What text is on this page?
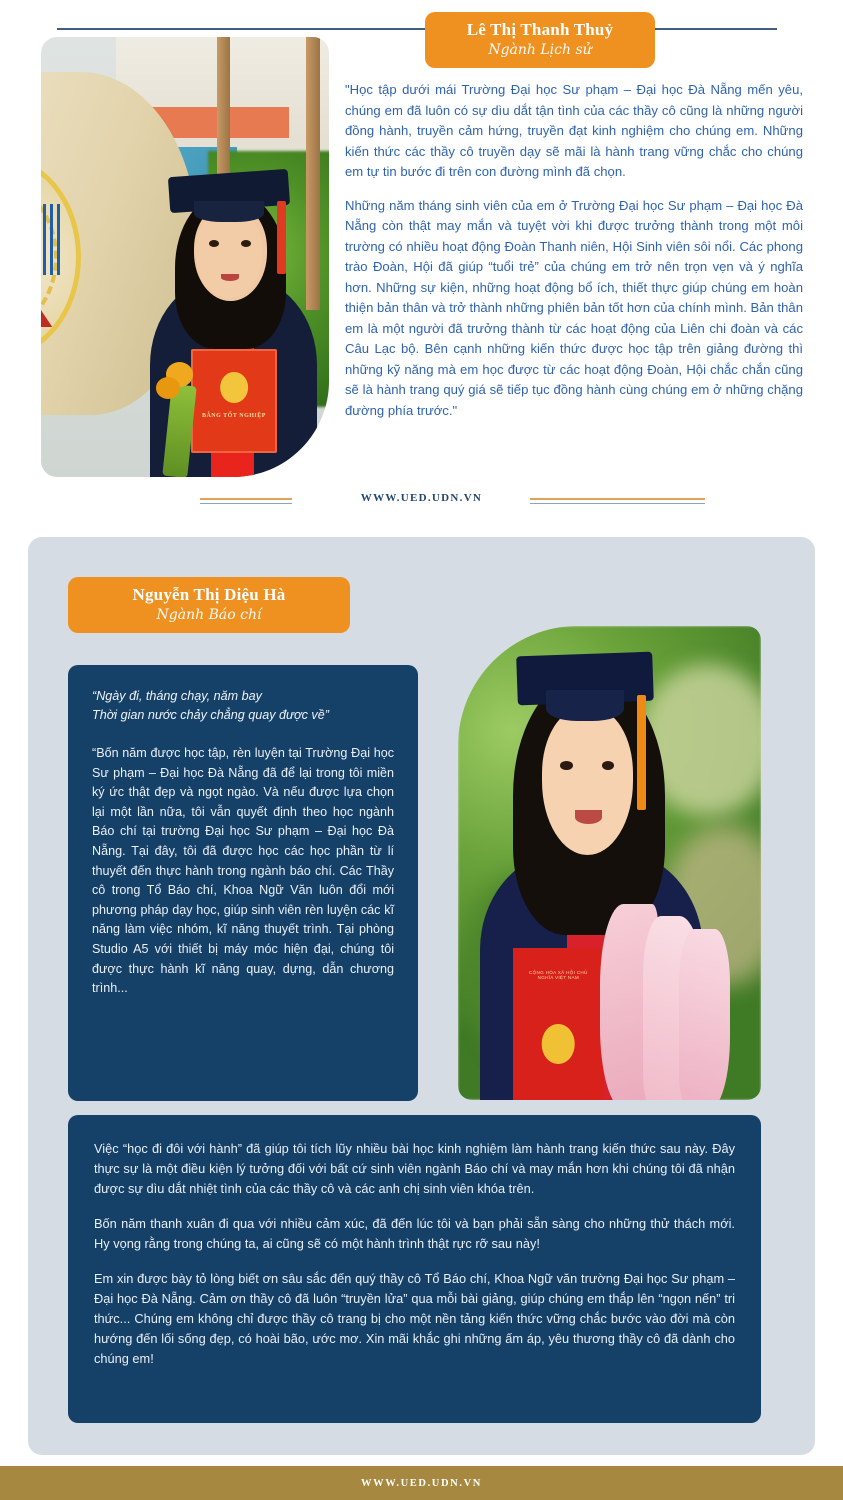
BẰNG TỐT NGHIỆP
Lê Thị Thanh Thuỷ
Ngành Lịch sử

"Học tập dưới mái Trường Đại học Sư phạm – Đại học Đà Nẵng mến yêu, chúng em đã luôn có sự dìu dắt tận tình của các thầy cô cũng là những người đồng hành, truyền cảm hứng, truyền đạt kinh nghiệm cho chúng em. Những kiến thức các thầy cô truyền dạy sẽ mãi là hành trang vững chắc cho chúng em tự tin bước đi trên con đường mình đã chọn.

Những năm tháng sinh viên của em ở Trường Đại học Sư phạm – Đại học Đà Nẵng còn thật may mắn và tuyệt vời khi được trưởng thành trong một môi trường có nhiều hoạt động Đoàn Thanh niên, Hội Sinh viên sôi nổi. Các phong trào Đoàn, Hội đã giúp “tuổi trẻ” của chúng em trở nên trọn vẹn và ý nghĩa hơn. Những sự kiện, những hoạt động bổ ích, thiết thực giúp chúng em hoàn thiện bản thân và trở thành những phiên bản tốt hơn của chính mình. Bản thân em là một người đã trưởng thành từ các hoạt động của Liên chi đoàn và các Câu Lạc bộ. Bên cạnh những kiến thức được học tập trên giảng đường thì những kỹ năng mà em học được từ các hoạt động Đoàn, Hội chắc chắn cũng sẽ là hành trang quý giá sẽ tiếp tục đồng hành cùng chúng em ở những chặng đường phía trước."

WWW.UED.UDN.VN
Nguyễn Thị Diệu Hà
Ngành Báo chí
CỘNG HÒA XÃ HỘI CHỦ NGHĨA VIỆT NAM
“Ngày đi, tháng chạy, năm bay
Thời gian nước chảy chẳng quay được về”

“Bốn năm được học tập, rèn luyện tại Trường Đại học Sư phạm – Đại học Đà Nẵng đã để lại trong tôi miền ký ức thật đẹp và ngọt ngào. Và nếu được lựa chọn lại một lần nữa, tôi vẫn quyết định theo học ngành Báo chí tại trường Đại học Sư phạm – Đại học Đà Nẵng. Tại đây, tôi đã được học các học phần từ lí thuyết đến thực hành trong ngành báo chí. Các Thầy cô trong Tổ Báo chí, Khoa Ngữ Văn luôn đổi mới phương pháp dạy học, giúp sinh viên rèn luyện các kĩ năng làm việc nhóm, kĩ năng thuyết trình. Tại phòng Studio A5 với thiết bị máy móc hiện đại, chúng tôi được thực hành kĩ năng quay, dựng, dẫn chương trình...

Việc “học đi đôi với hành” đã giúp tôi tích lũy nhiều bài học kinh nghiệm làm hành trang kiến thức sau này. Đây thực sự là một điều kiện lý tưởng đối với bất cứ sinh viên ngành Báo chí và may mắn hơn khi chúng tôi đã nhận được sự dìu dắt nhiệt tình của các thầy cô và các anh chị sinh viên khóa trên.

Bốn năm thanh xuân đi qua với nhiều cảm xúc, đã đến lúc tôi và bạn phải sẵn sàng cho những thử thách mới. Hy vọng rằng trong chúng ta, ai cũng sẽ có một hành trình thật rực rỡ sau này!

Em xin được bày tỏ lòng biết ơn sâu sắc đến quý thầy cô Tổ Báo chí, Khoa Ngữ văn trường Đại học Sư phạm – Đại học Đà Nẵng. Cảm ơn thầy cô đã luôn “truyền lửa” qua mỗi bài giảng, giúp chúng em thắp lên “ngọn nến” tri thức... Chúng em không chỉ được thầy cô trang bị cho một nền tảng kiến thức vững chắc bước vào đời mà còn hướng đến lối sống đẹp, có hoài bão, ước mơ. Xin mãi khắc ghi những ấm áp, yêu thương thầy cô đã dành cho chúng em!

WWW.UED.UDN.VN
